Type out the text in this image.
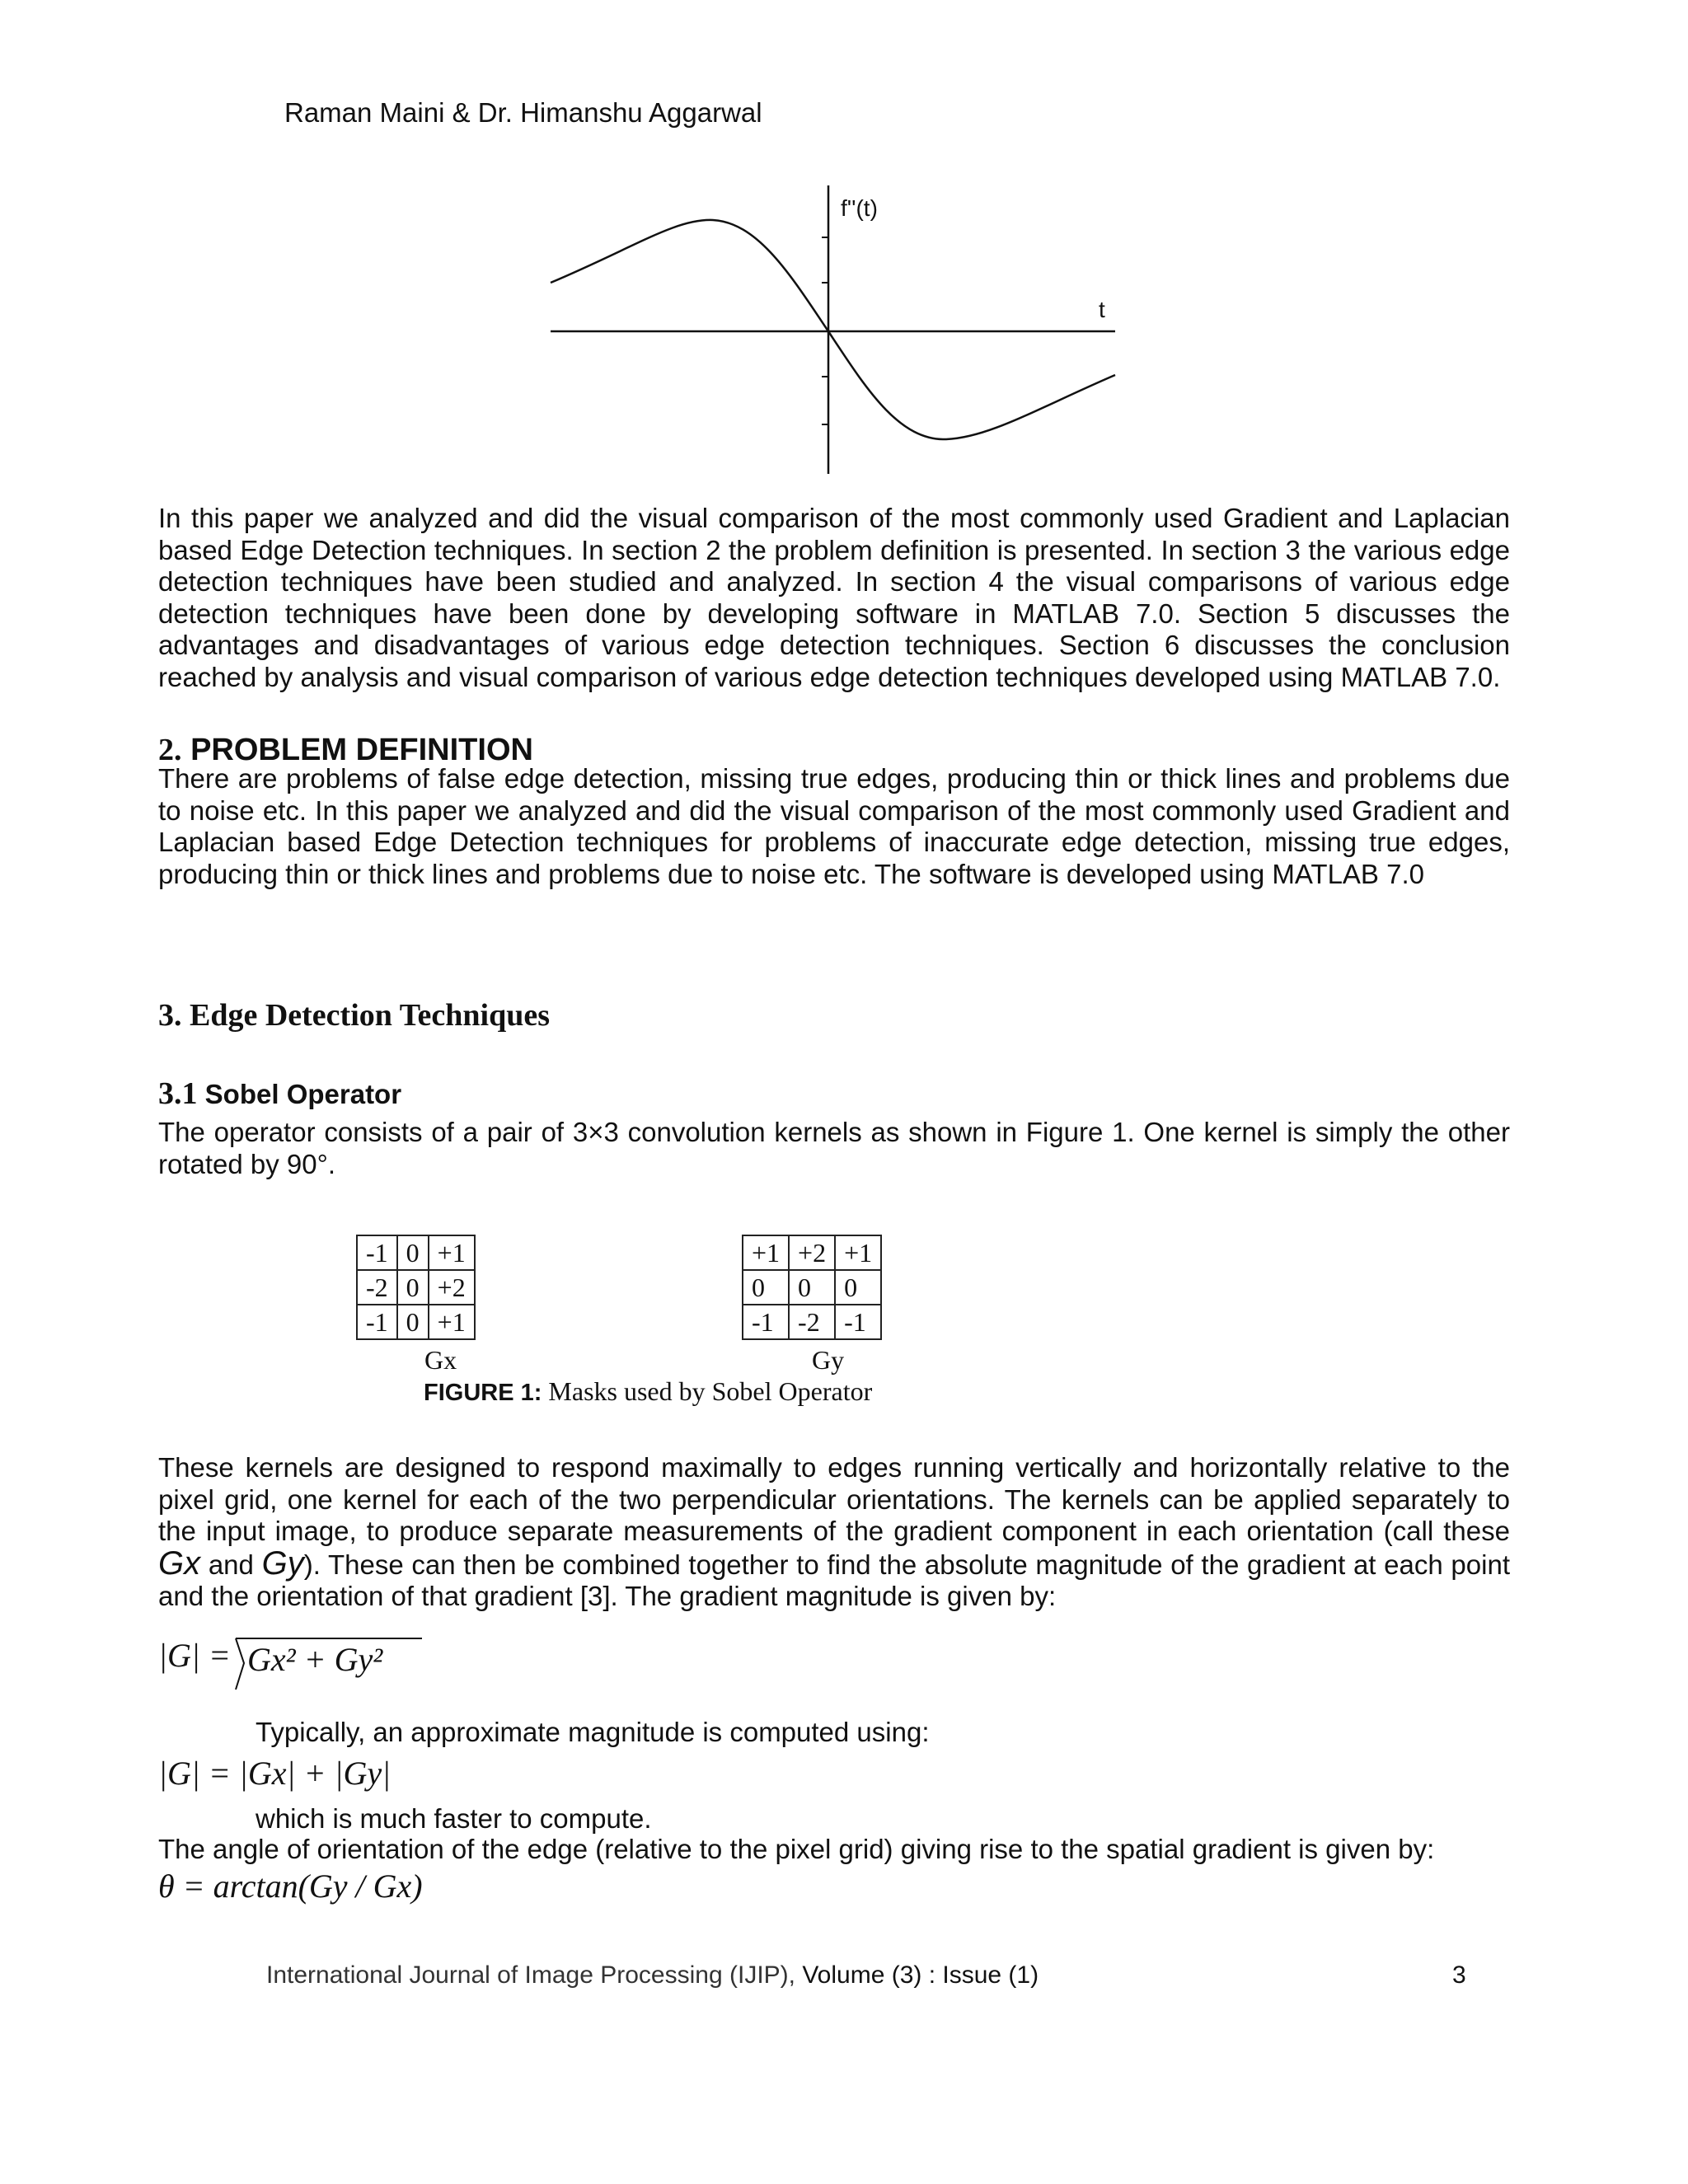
Raman Maini & Dr. Himanshu Aggarwal
f''(t)
t
In this paper we analyzed and did the visual comparison of the most commonly used Gradient and Laplacian based Edge Detection techniques. In section 2 the problem definition is presented. In section 3 the various edge detection techniques have been studied and analyzed. In section 4 the visual comparisons of various edge detection techniques have been done by developing software in MATLAB 7.0. Section 5 discusses the advantages and disadvantages of various edge detection techniques. Section 6 discusses the conclusion reached by analysis and visual comparison of various edge detection techniques developed using MATLAB 7.0.
2. PROBLEM DEFINITION
There are problems of false edge detection, missing true edges, producing thin or thick lines and problems due to noise etc. In this paper we analyzed and did the visual comparison of the most commonly used Gradient and Laplacian based Edge Detection techniques for problems of inaccurate edge detection, missing true edges, producing thin or thick lines and problems due to noise etc. The software is developed using MATLAB 7.0
3. Edge Detection Techniques
3.1 Sobel Operator
The operator consists of a pair of 3×3 convolution kernels as shown in Figure 1. One kernel is simply the other rotated by 90°.
-1	0	+1
-2	0	+2
-1	0	+1
+1	+2	+1
0	0	0
-1	-2	-1
Gx	Gy
FIGURE 1: Masks used by Sobel Operator
These kernels are designed to respond maximally to edges running vertically and horizontally relative to the pixel grid, one kernel for each of the two perpendicular orientations. The kernels can be applied separately to the input image, to produce separate measurements of the gradient component in each orientation (call these Gx and Gy). These can then be combined together to find the absolute magnitude of the gradient at each point and the orientation of that gradient [3]. The gradient magnitude is given by:
|G| = Gx² + Gy²
Typically, an approximate magnitude is computed using:
|G| = |Gx| + |Gy|
which is much faster to compute.
The angle of orientation of the edge (relative to the pixel grid) giving rise to the spatial gradient is given by:
θ = arctan(Gy / Gx)
International Journal of Image Processing (IJIP), Volume (3) : Issue (1)	3
